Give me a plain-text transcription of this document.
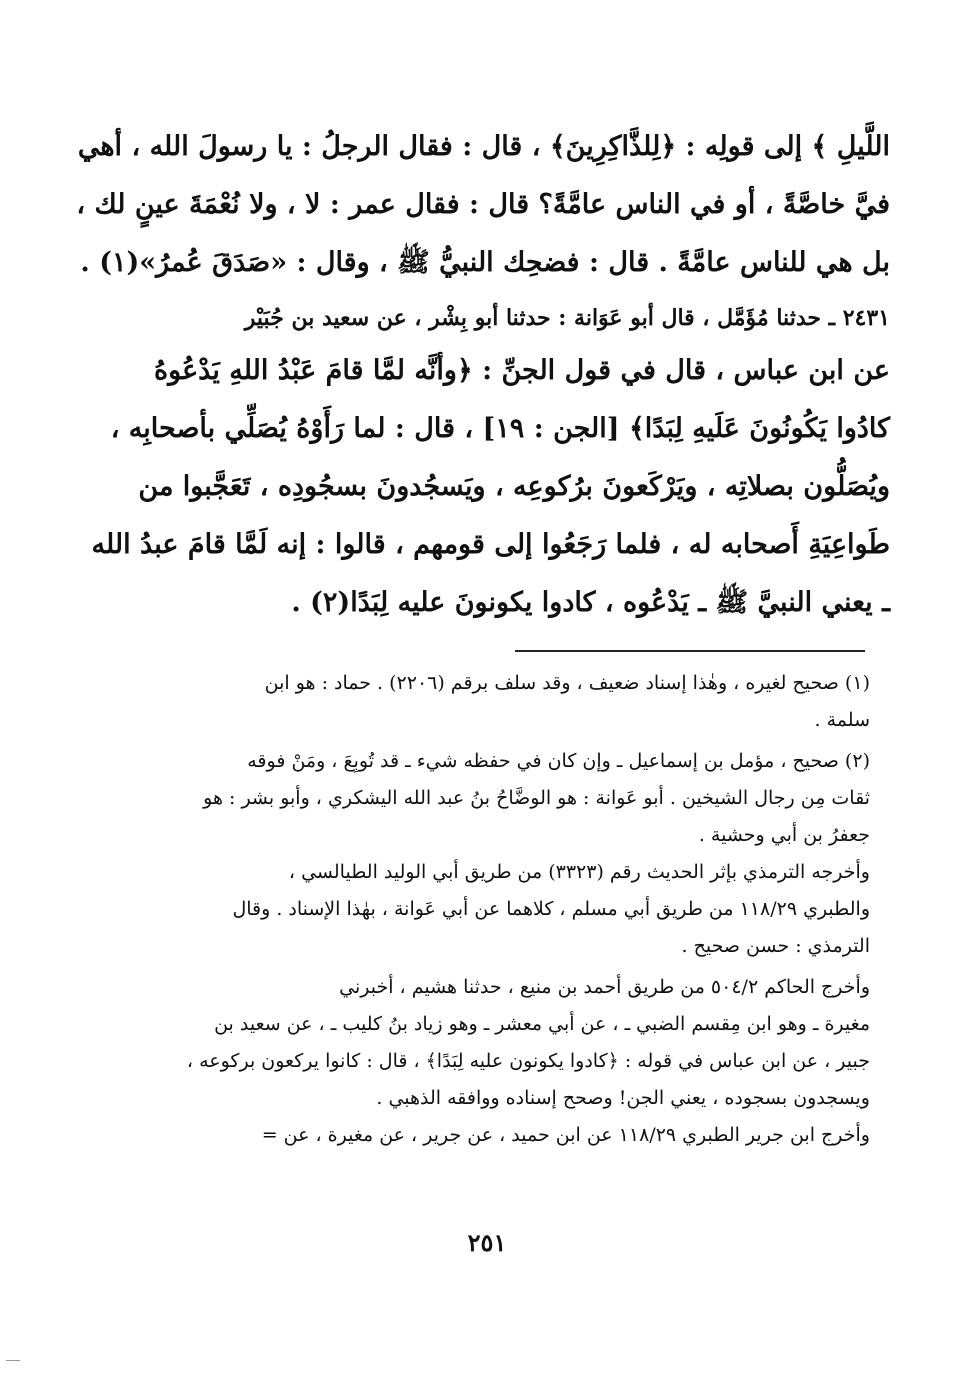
اللَّيلِ ﴾ إلى قولِه : ﴿لِلذَّاكِرِينَ﴾ ، قال : فقال الرجلُ : يا رسولَ الله ، أهي

فيَّ خاصَّةً ، أو في الناس عامَّةً؟ قال : فقال عمر : لا ، ولا نُعْمَةَ عينٍ لك ،

بل هي للناس عامَّةً . قال : فضحِك النبيُّ ﷺ ، وقال : «صَدَقَ عُمرُ»(١) .

٢٤٣١ ـ حدثنا مُؤَمَّل ، قال أبو عَوَانة : حدثنا أبو بِشْر ، عن سعيد بن جُبَيْر

عن ابن عباس ، قال في قول الجنِّ : ﴿وأنَّه لمَّا قامَ عَبْدُ اللهِ يَدْعُوهُ

كادُوا يَكُونُونَ عَلَيهِ لِبَدًا﴾ [الجن : ١٩] ، قال : لما رَأَوْهُ يُصَلِّي بأصحابِه ،

ويُصَلُّون بصلاتِه ، ويَرْكَعونَ برُكوعِه ، ويَسجُدونَ بسجُودِه ، تَعَجَّبوا من

طَواعِيَةِ أَصحابه له ، فلما رَجَعُوا إلى قومهم ، قالوا : إنه لَمَّا قامَ عبدُ الله

ـ يعني النبيَّ ﷺ ـ يَدْعُوه ، كادوا يكونونَ عليه لِبَدًا(٢) .

(١) صحيح لغيره ، وهٰذا إسناد ضعيف ، وقد سلف برقم (٢٢٠٦) . حماد : هو ابن

سلمة .

(٢) صحيح ، مؤمل بن إسماعيل ـ وإن كان في حفظه شيء ـ قد تُوبِعَ ، ومَنْ فوقه

ثقات مِن رجال الشيخين . أبو عَوانة : هو الوضَّاحُ بنُ عبد الله اليشكري ، وأبو بشر : هو

جعفرُ بن أبي وحشية .

وأخرجه الترمذي بإثر الحديث رقم (٣٣٢٣) من طريق أبي الوليد الطيالسي ،

والطبري ١١٨/٢٩ من طريق أبي مسلم ، كلاهما عن أبي عَوانة ، بهٰذا الإسناد . وقال

الترمذي : حسن صحيح .

وأخرج الحاكم ٥٠٤/٢ من طريق أحمد بن منيع ، حدثنا هشيم ، أخبرني

مغيرة ـ وهو ابن مِقسم الضبي ـ ، عن أبي معشر ـ وهو زياد بنُ كليب ـ ، عن سعيد بن

جبير ، عن ابن عباس في قوله : ﴿كادوا يكونون عليه لِبَدًا﴾ ، قال : كانوا يركعون بركوعه ،

ويسجدون بسجوده ، يعني الجن! وصحح إسناده ووافقه الذهبي .

وأخرج ابن جرير الطبري ١١٨/٢٩ عن ابن حميد ، عن جرير ، عن مغيرة ، عن =

٢٥١
